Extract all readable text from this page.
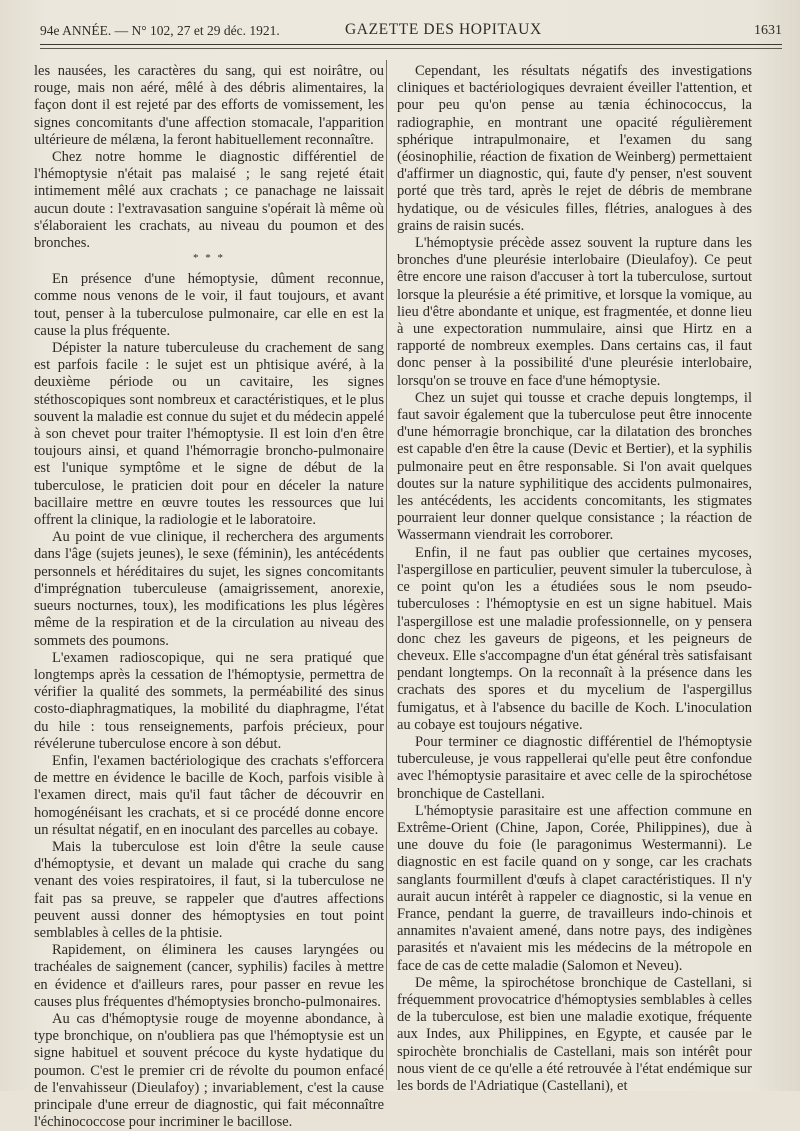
94e ANNÉE. — N° 102, 27 et 29 déc. 1921.	GAZETTE DES HOPITAUX	1631

les nausées, les caractères du sang, qui est noirâtre, ou rouge, mais non aéré, mêlé à des débris alimentaires, la façon dont il est rejeté par des efforts de vomissement, les signes concomitants d'une affection stomacale, l'apparition ultérieure de mélæna, la feront habituellement reconnaître.

Chez notre homme le diagnostic différentiel de l'hémoptysie n'était pas malaisé ; le sang rejeté était intimement mêlé aux crachats ; ce panachage ne laissait aucun doute : l'extravasation sanguine s'opérait là même où s'élaboraient les crachats, au niveau du poumon et des bronches.

* * *

En présence d'une hémoptysie, dûment reconnue, comme nous venons de le voir, il faut toujours, et avant tout, penser à la tuberculose pulmonaire, car elle en est la cause la plus fréquente.

Dépister la nature tuberculeuse du crachement de sang est parfois facile : le sujet est un phtisique avéré, à la deuxième période ou un cavitaire, les signes stéthoscopiques sont nombreux et caractéristiques, et le plus souvent la maladie est connue du sujet et du médecin appelé à son chevet pour traiter l'hémoptysie. Il est loin d'en être toujours ainsi, et quand l'hémorragie broncho-pulmonaire est l'unique symptôme et le signe de début de la tuberculose, le praticien doit pour en déceler la nature bacillaire mettre en œuvre toutes les ressources que lui offrent la clinique, la radiologie et le laboratoire.

Au point de vue clinique, il recherchera des arguments dans l'âge (sujets jeunes), le sexe (féminin), les antécédents personnels et héréditaires du sujet, les signes concomitants d'imprégnation tuberculeuse (amaigrissement, anorexie, sueurs nocturnes, toux), les modifications les plus légères même de la respiration et de la circulation au niveau des sommets des poumons.

L'examen radioscopique, qui ne sera pratiqué que longtemps après la cessation de l'hémoptysie, permettra de vérifier la qualité des sommets, la perméabilité des sinus costo-diaphragmatiques, la mobilité du diaphragme, l'état du hile : tous renseignements, parfois précieux, pour révélerune tuberculose encore à son début.

Enfin, l'examen bactériologique des crachats s'efforcera de mettre en évidence le bacille de Koch, parfois visible à l'examen direct, mais qu'il faut tâcher de découvrir en homogénéisant les crachats, et si ce procédé donne encore un résultat négatif, en en inoculant des parcelles au cobaye.

Mais la tuberculose est loin d'être la seule cause d'hémoptysie, et devant un malade qui crache du sang venant des voies respiratoires, il faut, si la tuberculose ne fait pas sa preuve, se rappeler que d'autres affections peuvent aussi donner des hémoptysies en tout point semblables à celles de la phtisie.

Rapidement, on éliminera les causes laryngées ou trachéales de saignement (cancer, syphilis) faciles à mettre en évidence et d'ailleurs rares, pour passer en revue les causes plus fréquentes d'hémoptysies broncho-pulmonaires.

Au cas d'hémoptysie rouge de moyenne abondance, à type bronchique, on n'oubliera pas que l'hémoptysie est un signe habituel et souvent précoce du kyste hydatique du poumon. C'est le premier cri de révolte du poumon enfacé de l'envahisseur (Dieulafoy) ; invariablement, c'est la cause principale d'une erreur de diagnostic, qui fait méconnaître l'échinococcose pour incriminer le bacillose.

Cependant, les résultats négatifs des investigations cliniques et bactériologiques devraient éveiller l'attention, et pour peu qu'on pense au tænia échinococcus, la radiographie, en montrant une opacité régulièrement sphérique intrapulmonaire, et l'examen du sang (éosinophilie, réaction de fixation de Weinberg) permettaient d'affirmer un diagnostic, qui, faute d'y penser, n'est souvent porté que très tard, après le rejet de débris de membrane hydatique, ou de vésicules filles, flétries, analogues à des grains de raisin sucés.

L'hémoptysie précède assez souvent la rupture dans les bronches d'une pleurésie interlobaire (Dieulafoy). Ce peut être encore une raison d'accuser à tort la tuberculose, surtout lorsque la pleurésie a été primitive, et lorsque la vomique, au lieu d'être abondante et unique, est fragmentée, et donne lieu à une expectoration nummulaire, ainsi que Hirtz en a rapporté de nombreux exemples. Dans certains cas, il faut donc penser à la possibilité d'une pleurésie interlobaire, lorsqu'on se trouve en face d'une hémoptysie.

Chez un sujet qui tousse et crache depuis longtemps, il faut savoir également que la tuberculose peut être innocente d'une hémorragie bronchique, car la dilatation des bronches est capable d'en être la cause (Devic et Bertier), et la syphilis pulmonaire peut en être responsable. Si l'on avait quelques doutes sur la nature syphilitique des accidents pulmonaires, les antécédents, les accidents concomitants, les stigmates pourraient leur donner quelque consistance ; la réaction de Wassermann viendrait les corroborer.

Enfin, il ne faut pas oublier que certaines mycoses, l'aspergillose en particulier, peuvent simuler la tuberculose, à ce point qu'on les a étudiées sous le nom pseudo-tuberculoses : l'hémoptysie en est un signe habituel. Mais l'aspergillose est une maladie professionnelle, on y pensera donc chez les gaveurs de pigeons, et les peigneurs de cheveux. Elle s'accompagne d'un état général très satisfaisant pendant longtemps. On la reconnaît à la présence dans les crachats des spores et du mycelium de l'aspergillus fumigatus, et à l'absence du bacille de Koch. L'inoculation au cobaye est toujours négative.

Pour terminer ce diagnostic différentiel de l'hémoptysie tuberculeuse, je vous rappellerai qu'elle peut être confondue avec l'hémoptysie parasitaire et avec celle de la spirochétose bronchique de Castellani.

L'hémoptysie parasitaire est une affection commune en Extrême-Orient (Chine, Japon, Corée, Philippines), due à une douve du foie (le paragonimus Westermanni). Le diagnostic en est facile quand on y songe, car les crachats sanglants fourmillent d'œufs à clapet caractéristiques. Il n'y aurait aucun intérêt à rappeler ce diagnostic, si la venue en France, pendant la guerre, de travailleurs indo-chinois et annamites n'avaient amené, dans notre pays, des indigènes parasités et n'avaient mis les médecins de la métropole en face de cas de cette maladie (Salomon et Neveu).

De même, la spirochétose bronchique de Castellani, si fréquemment provocatrice d'hémoptysies semblables à celles de la tuberculose, est bien une maladie exotique, fréquente aux Indes, aux Philippines, en Egypte, et causée par le spirochète bronchialis de Castellani, mais son intérêt pour nous vient de ce qu'elle a été retrouvée à l'état endémique sur les bords de l'Adriatique (Castellani), et
